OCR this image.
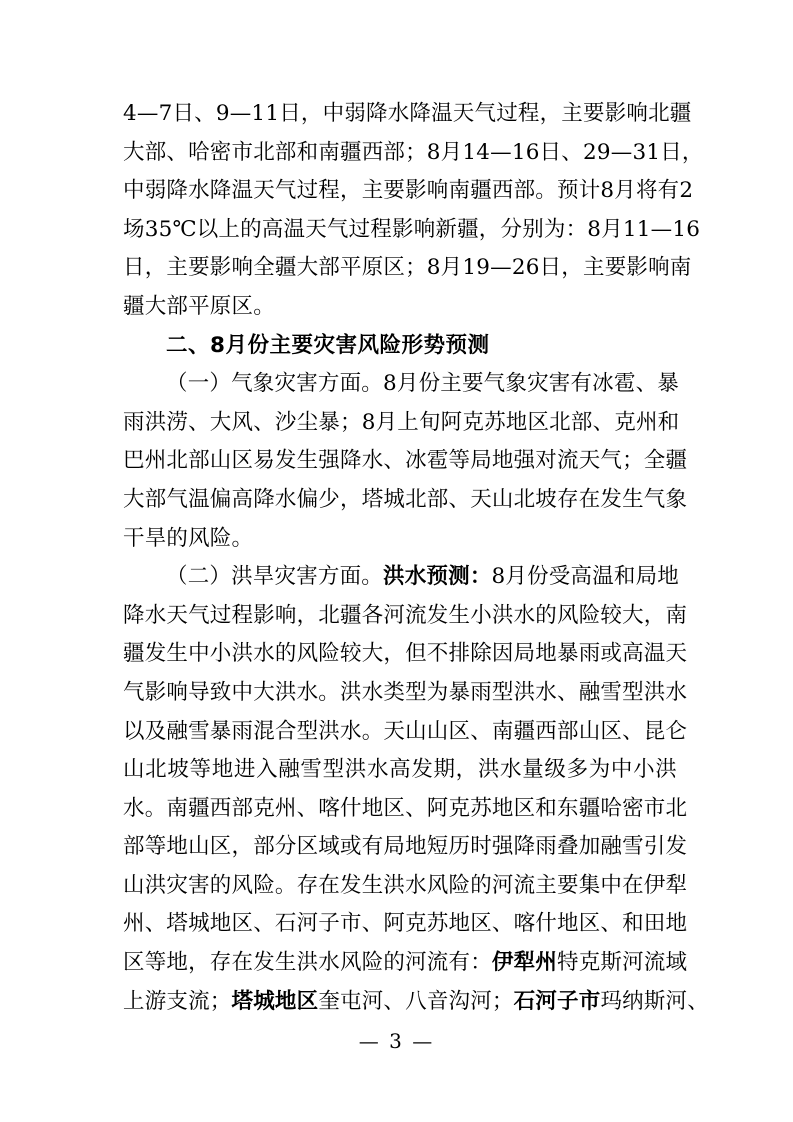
4—7日、9—11日，中弱降水降温天气过程，主要影响北疆
大部、哈密市北部和南疆西部；8月14—16日、29—31日，
中弱降水降温天气过程，主要影响南疆西部。预计8月将有2
场35℃以上的高温天气过程影响新疆，分别为：8月11—16
日，主要影响全疆大部平原区；8月19—26日，主要影响南
疆大部平原区。
二、8月份主要灾害风险形势预测
（一）气象灾害方面。8月份主要气象灾害有冰雹、暴
雨洪涝、大风、沙尘暴；8月上旬阿克苏地区北部、克州和
巴州北部山区易发生强降水、冰雹等局地强对流天气；全疆
大部气温偏高降水偏少，塔城北部、天山北坡存在发生气象
干旱的风险。
（二）洪旱灾害方面。洪水预测：8月份受高温和局地
降水天气过程影响，北疆各河流发生小洪水的风险较大，南
疆发生中小洪水的风险较大，但不排除因局地暴雨或高温天
气影响导致中大洪水。洪水类型为暴雨型洪水、融雪型洪水
以及融雪暴雨混合型洪水。天山山区、南疆西部山区、昆仑
山北坡等地进入融雪型洪水高发期，洪水量级多为中小洪
水。南疆西部克州、喀什地区、阿克苏地区和东疆哈密市北
部等地山区，部分区域或有局地短历时强降雨叠加融雪引发
山洪灾害的风险。存在发生洪水风险的河流主要集中在伊犁
州、塔城地区、石河子市、阿克苏地区、喀什地区、和田地
区等地，存在发生洪水风险的河流有：伊犁州特克斯河流域
上游支流；塔城地区奎屯河、八音沟河；石河子市玛纳斯河、
— 3 —
